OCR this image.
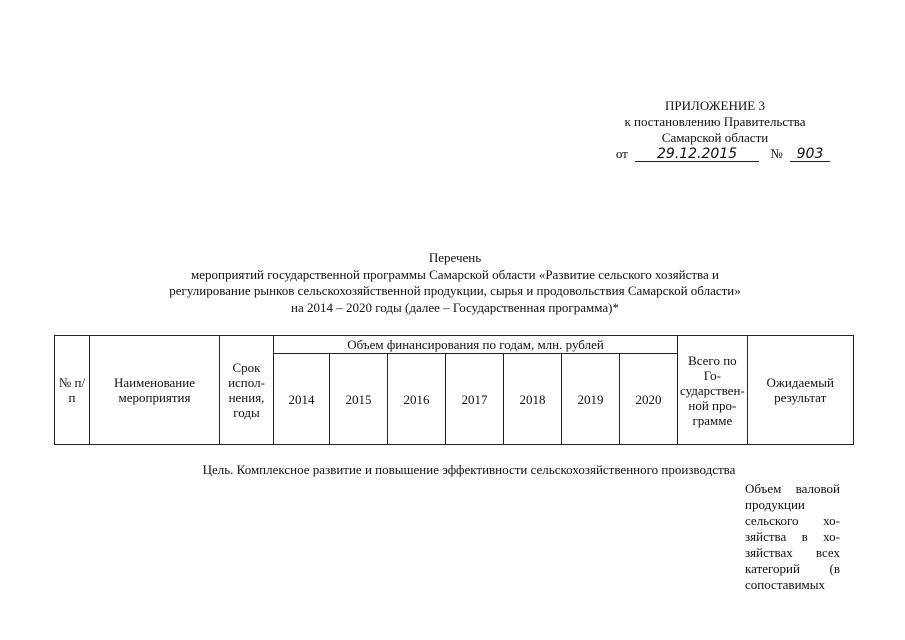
ПРИЛОЖЕНИЕ 3
к постановлению Правительства
Самарской области
от 29.12.2015	№ 903
Перечень
мероприятий государственной программы Самарской области «Развитие сельского хозяйства и
регулирование рынков сельскохозяйственной продукции, сырья и продовольствия Самарской области»
на 2014 – 2020 годы (далее – Государственная программа)*
№ п/п	Наименование мероприятия	Срок испол-нения, годы	Объем финансирования по годам, млн. рублей							Всего по Го-сударствен-ной про-грамме	Ожидаемый результат
			2014	2015	2016	2017	2018	2019	2020		
Цель. Комплексное развитие и повышение эффективности сельскохозяйственного производства
Объем валовой
продукции
сельского хо-
зяйства в хо-
зяйствах всех
категорий (в
сопоставимых
